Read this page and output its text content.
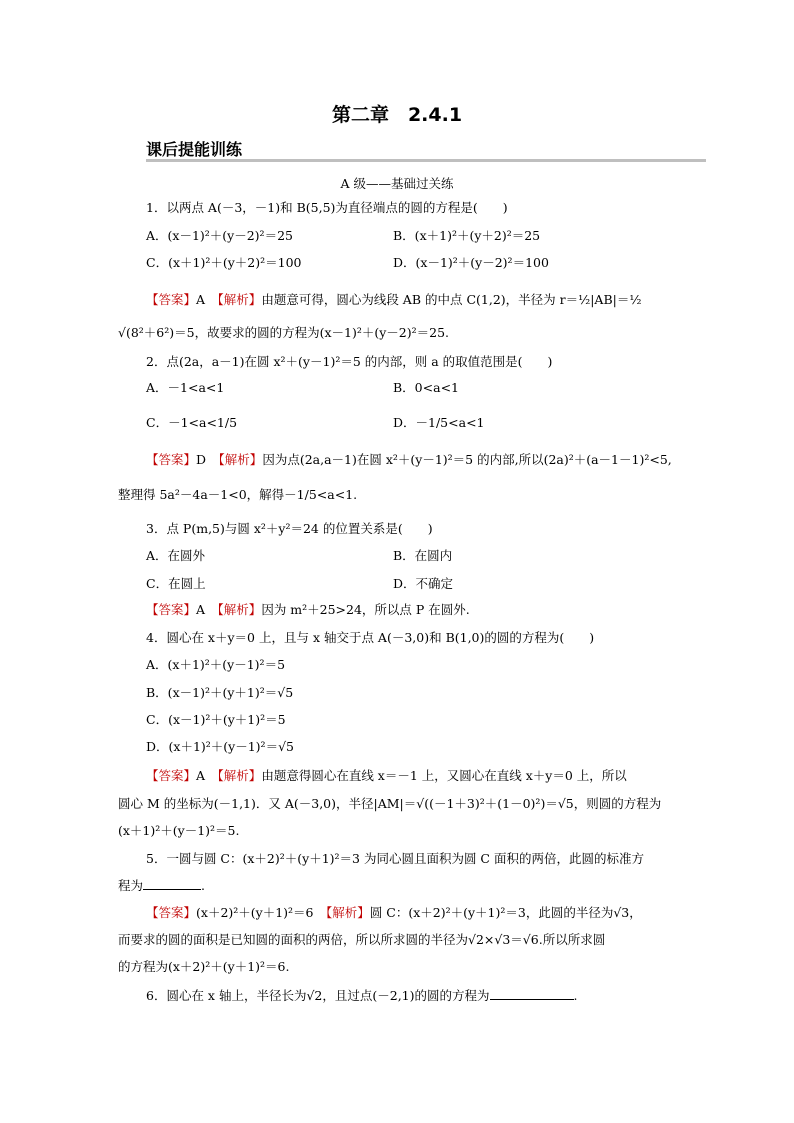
第二章　2.4.1
课后提能训练
A 级——基础过关练
1．以两点 A(－3，－1)和 B(5,5)为直径端点的圆的方程是(　　)
A．(x－1)²＋(y－2)²＝25	B．(x＋1)²＋(y＋2)²＝25
C．(x＋1)²＋(y＋2)²＝100	D．(x－1)²＋(y－2)²＝100
【答案】A　【解析】由题意可得，圆心为线段 AB 的中点 C(1,2)，半径为 r＝½|AB|＝½
√(8²＋6²)＝5，故要求的圆的方程为(x－1)²＋(y－2)²＝25.
2．点(2a，a－1)在圆 x²＋(y－1)²＝5 的内部，则 a 的取值范围是(　　)
A．－1<a<1	B．0<a<1
C．－1<a<1/5	D．－1/5<a<1
【答案】D　【解析】因为点(2a,a－1)在圆 x²＋(y－1)²＝5 的内部,所以(2a)²＋(a－1－1)²<5,
整理得 5a²－4a－1<0，解得－1/5<a<1.
3．点 P(m,5)与圆 x²＋y²＝24 的位置关系是(　　)
A．在圆外	B．在圆内
C．在圆上	D．不确定
【答案】A　【解析】因为 m²＋25>24，所以点 P 在圆外.
4．圆心在 x＋y＝0 上，且与 x 轴交于点 A(－3,0)和 B(1,0)的圆的方程为(　　)
A．(x＋1)²＋(y－1)²＝5
B．(x－1)²＋(y＋1)²＝√5
C．(x－1)²＋(y＋1)²＝5
D．(x＋1)²＋(y－1)²＝√5
【答案】A　【解析】由题意得圆心在直线 x＝－1 上，又圆心在直线 x＋y＝0 上，所以
圆心 M 的坐标为(－1,1)．又 A(－3,0)，半径|AM|＝√((－1＋3)²＋(1－0)²)＝√5，则圆的方程为
(x＋1)²＋(y－1)²＝5.
5．一圆与圆 C：(x＋2)²＋(y＋1)²＝3 为同心圆且面积为圆 C 面积的两倍，此圆的标准方
程为	.
【答案】(x＋2)²＋(y＋1)²＝6　【解析】圆 C：(x＋2)²＋(y＋1)²＝3，此圆的半径为√3，
而要求的圆的面积是已知圆的面积的两倍，所以所求圆的半径为√2×√3＝√6.所以所求圆
的方程为(x＋2)²＋(y＋1)²＝6.
6．圆心在 x 轴上，半径长为√2，且过点(－2,1)的圆的方程为	.
